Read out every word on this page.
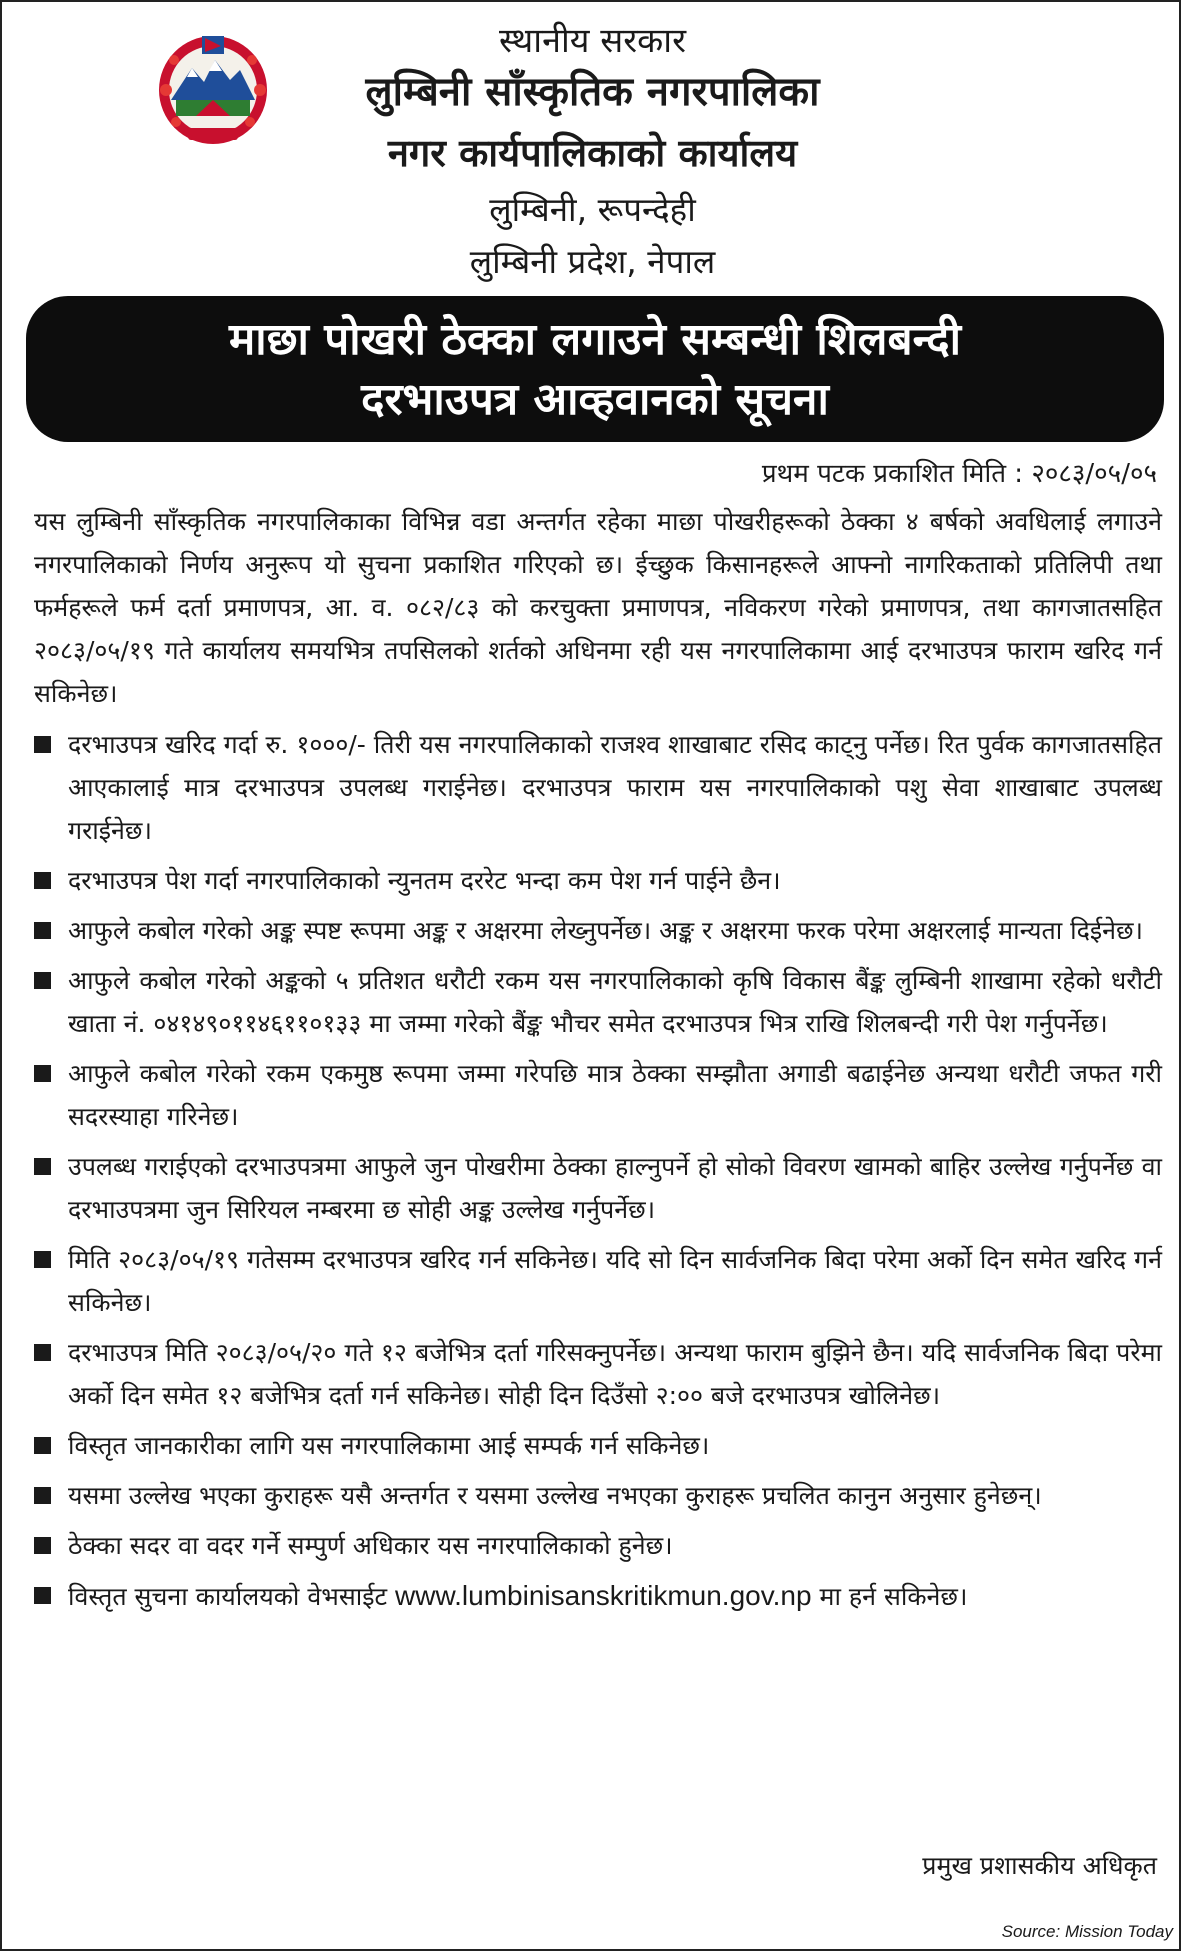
स्थानीय सरकार
लुम्बिनी साँस्कृतिक नगरपालिका
नगर कार्यपालिकाको कार्यालय
लुम्बिनी, रूपन्देही
लुम्बिनी प्रदेश, नेपाल
माछा पोखरी ठेक्का लगाउने सम्बन्धी शिलबन्दी
दरभाउपत्र आव्हवानको सूचना
प्रथम पटक प्रकाशित मिति : २०८३/०५/०५

यस लुम्बिनी साँस्कृतिक नगरपालिकाका विभिन्न वडा अन्तर्गत रहेका माछा पोखरीहरूको ठेक्का ४ बर्षको अवधिलाई लगाउने नगरपालिकाको निर्णय अनुरूप यो सुचना प्रकाशित गरिएको छ। ईच्छुक किसानहरूले आफ्नो नागरिकताको प्रतिलिपी तथा फर्महरूले फर्म दर्ता प्रमाणपत्र, आ. व. ०८२/८३ को करचुक्ता प्रमाणपत्र, नविकरण गरेको प्रमाणपत्र, तथा कागजातसहित २०८३/०५/१९ गते कार्यालय समयभित्र तपसिलको शर्तको अधिनमा रही यस नगरपालिकामा आई दरभाउपत्र फाराम खरिद गर्न सकिनेछ।

दरभाउपत्र खरिद गर्दा रु. १०००/- तिरी यस नगरपालिकाको राजश्व शाखाबाट रसिद काट्नु पर्नेछ। रित पुर्वक कागजातसहित आएकालाई मात्र दरभाउपत्र उपलब्ध गराईनेछ। दरभाउपत्र फाराम यस नगरपालिकाको पशु सेवा शाखाबाट उपलब्ध गराईनेछ।
दरभाउपत्र पेश गर्दा नगरपालिकाको न्युनतम दररेट भन्दा कम पेश गर्न पाईने छैन।
आफुले कबोल गरेको अङ्क स्पष्ट रूपमा अङ्क र अक्षरमा लेख्नुपर्नेछ। अङ्क र अक्षरमा फरक परेमा अक्षरलाई मान्यता दिईनेछ।
आफुले कबोल गरेको अङ्कको ५ प्रतिशत धरौटी रकम यस नगरपालिकाको कृषि विकास बैंङ्क लुम्बिनी शाखामा रहेको धरौटी खाता नं. ०४१४९०११४६११०१३३ मा जम्मा गरेको बैंङ्क भौचर समेत दरभाउपत्र भित्र राखि शिलबन्दी गरी पेश गर्नुपर्नेछ।
आफुले कबोल गरेको रकम एकमुष्ठ रूपमा जम्मा गरेपछि मात्र ठेक्का सम्झौता अगाडी बढाईनेछ अन्यथा धरौटी जफत गरी सदरस्याहा गरिनेछ।
उपलब्ध गराईएको दरभाउपत्रमा आफुले जुन पोखरीमा ठेक्का हाल्नुपर्ने हो सोको विवरण खामको बाहिर उल्लेख गर्नुपर्नेछ वा दरभाउपत्रमा जुन सिरियल नम्बरमा छ सोही अङ्क उल्लेख गर्नुपर्नेछ।
मिति २०८३/०५/१९ गतेसम्म दरभाउपत्र खरिद गर्न सकिनेछ। यदि सो दिन सार्वजनिक बिदा परेमा अर्को दिन समेत खरिद गर्न सकिनेछ।
दरभाउपत्र मिति २०८३/०५/२० गते १२ बजेभित्र दर्ता गरिसक्नुपर्नेछ। अन्यथा फाराम बुझिने छैन। यदि सार्वजनिक बिदा परेमा अर्को दिन समेत १२ बजेभित्र दर्ता गर्न सकिनेछ। सोही दिन दिउँसो २:०० बजे दरभाउपत्र खोलिनेछ।
विस्तृत जानकारीका लागि यस नगरपालिकामा आई सम्पर्क गर्न सकिनेछ।
यसमा उल्लेख भएका कुराहरू यसै अन्तर्गत र यसमा उल्लेख नभएका कुराहरू प्रचलित कानुन अनुसार हुनेछन्।
ठेक्का सदर वा वदर गर्ने सम्पुर्ण अधिकार यस नगरपालिकाको हुनेछ।
विस्तृत सुचना कार्यालयको वेभसाईट www.lumbinisanskritikmun.gov.np मा हर्न सकिनेछ।
प्रमुख प्रशासकीय अधिकृत
Source: Mission Today
